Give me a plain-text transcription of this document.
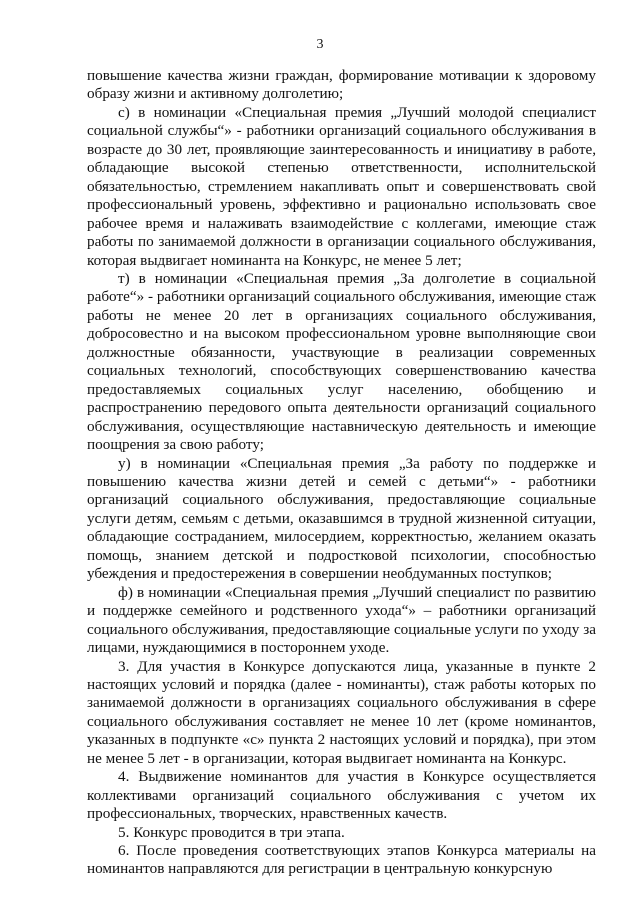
3

повышение качества жизни граждан, формирование мотивации к здоровому образу жизни и активному долголетию;

с) в номинации «Специальная премия „Лучший молодой специалист социальной службы“» - работники организаций социального обслуживания в возрасте до 30 лет, проявляющие заинтересованность и инициативу в работе, обладающие высокой степенью ответственности, исполнительской обязательностью, стремлением накапливать опыт и совершенствовать свой профессиональный уровень, эффективно и рационально использовать свое рабочее время и налаживать взаимодействие с коллегами, имеющие стаж работы по занимаемой должности в организации социального обслуживания, которая выдвигает номинанта на Конкурс, не менее 5 лет;

т) в номинации «Специальная премия „За долголетие в социальной работе“» - работники организаций социального обслуживания, имеющие стаж работы не менее 20 лет в организациях социального обслуживания, добросовестно и на высоком профессиональном уровне выполняющие свои должностные обязанности, участвующие в реализации современных социальных технологий, способствующих совершенствованию качества предоставляемых социальных услуг населению, обобщению и распространению передового опыта деятельности организаций социального обслуживания, осуществляющие наставническую деятельность и имеющие поощрения за свою работу;

у) в номинации «Специальная премия „За работу по поддержке и повышению качества жизни детей и семей с детьми“» - работники организаций социального обслуживания, предоставляющие социальные услуги детям, семьям с детьми, оказавшимся в трудной жизненной ситуации, обладающие состраданием, милосердием, корректностью, желанием оказать помощь, знанием детской и подростковой психологии, способностью убеждения и предостережения в совершении необдуманных поступков;

ф) в номинации «Специальная премия „Лучший специалист по развитию и поддержке семейного и родственного ухода“» – работники организаций социального обслуживания, предоставляющие социальные услуги по уходу за лицами, нуждающимися в постороннем уходе.

3. Для участия в Конкурсе допускаются лица, указанные в пункте 2 настоящих условий и порядка (далее - номинанты), стаж работы которых по занимаемой должности в организациях социального обслуживания в сфере социального обслуживания составляет не менее 10 лет (кроме номинантов, указанных в подпункте «с» пункта 2 настоящих условий и порядка), при этом не менее 5 лет - в организации, которая выдвигает номинанта на Конкурс.

4. Выдвижение номинантов для участия в Конкурсе осуществляется коллективами организаций социального обслуживания с учетом их профессиональных, творческих, нравственных качеств.

5. Конкурс проводится в три этапа.

6. После проведения соответствующих этапов Конкурса материалы на номинантов направляются для регистрации в центральную конкурсную
